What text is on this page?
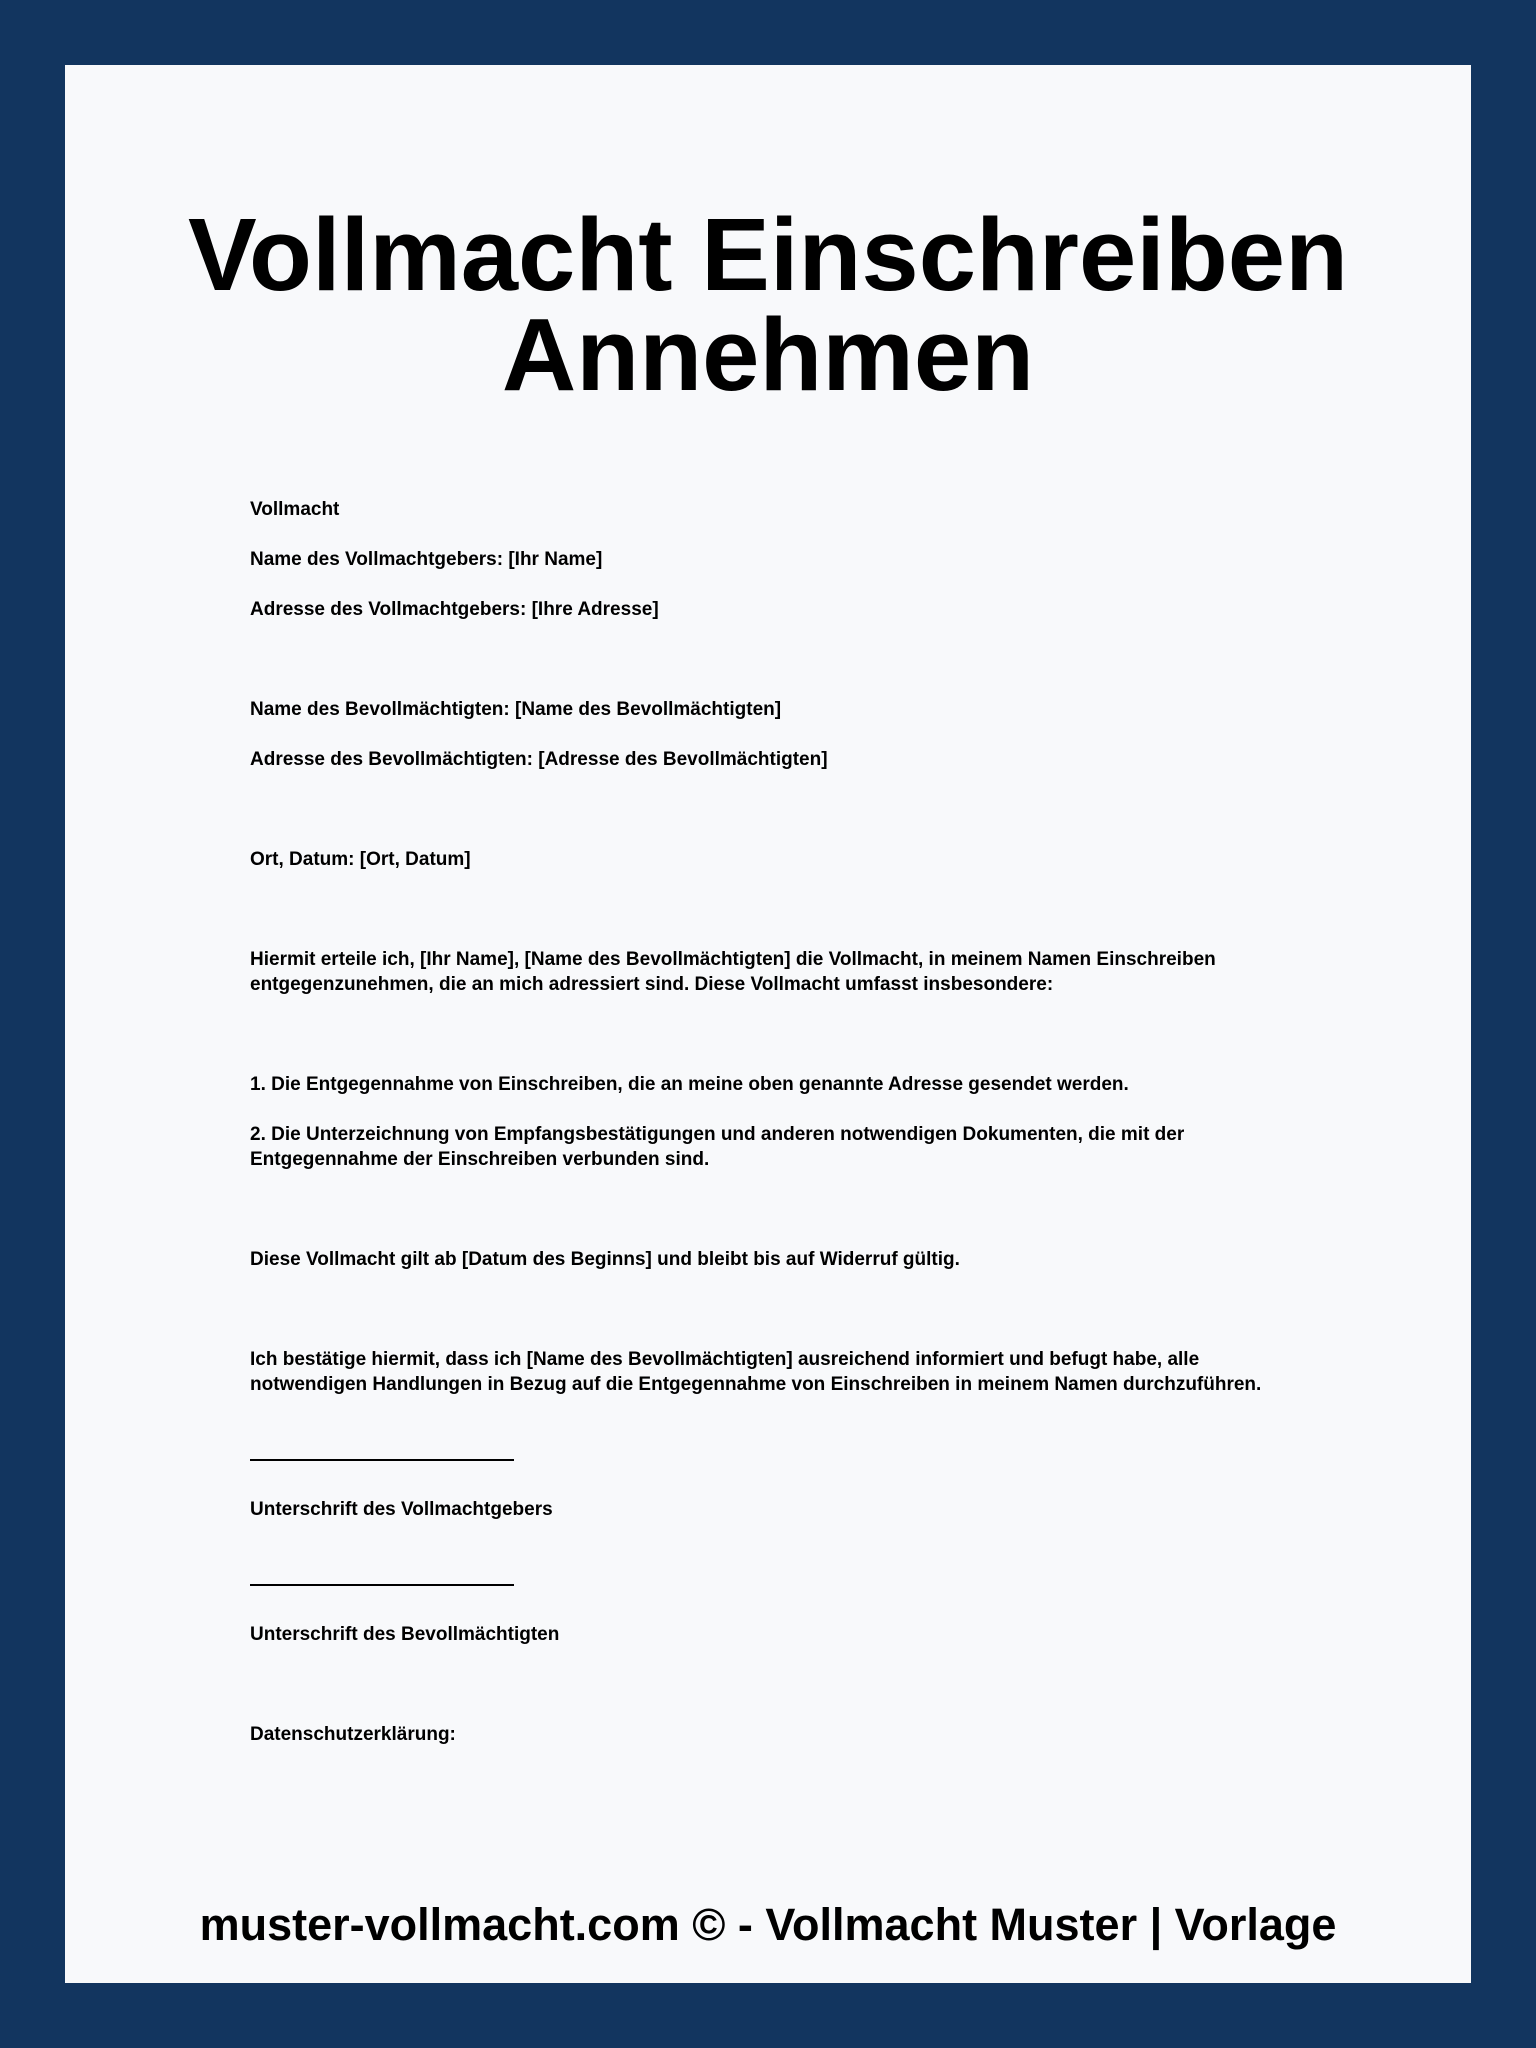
Vollmacht Einschreiben
Annehmen

Vollmacht

Name des Vollmachtgebers: [Ihr Name]

Adresse des Vollmachtgebers: [Ihre Adresse]

Name des Bevollmächtigten: [Name des Bevollmächtigten]

Adresse des Bevollmächtigten: [Adresse des Bevollmächtigten]

Ort, Datum: [Ort, Datum]

Hiermit erteile ich, [Ihr Name], [Name des Bevollmächtigten] die Vollmacht, in meinem Namen Einschreiben entgegenzunehmen, die an mich adressiert sind. Diese Vollmacht umfasst insbesondere:

1. Die Entgegennahme von Einschreiben, die an meine oben genannte Adresse gesendet werden.

2. Die Unterzeichnung von Empfangsbestätigungen und anderen notwendigen Dokumenten, die mit der Entgegennahme der Einschreiben verbunden sind.

Diese Vollmacht gilt ab [Datum des Beginns] und bleibt bis auf Widerruf gültig.

Ich bestätige hiermit, dass ich [Name des Bevollmächtigten] ausreichend informiert und befugt habe, alle notwendigen Handlungen in Bezug auf die Entgegennahme von Einschreiben in meinem Namen durchzuführen.

Unterschrift des Vollmachtgebers

Unterschrift des Bevollmächtigten

Datenschutzerklärung:

muster-vollmacht.com © - Vollmacht Muster | Vorlage
